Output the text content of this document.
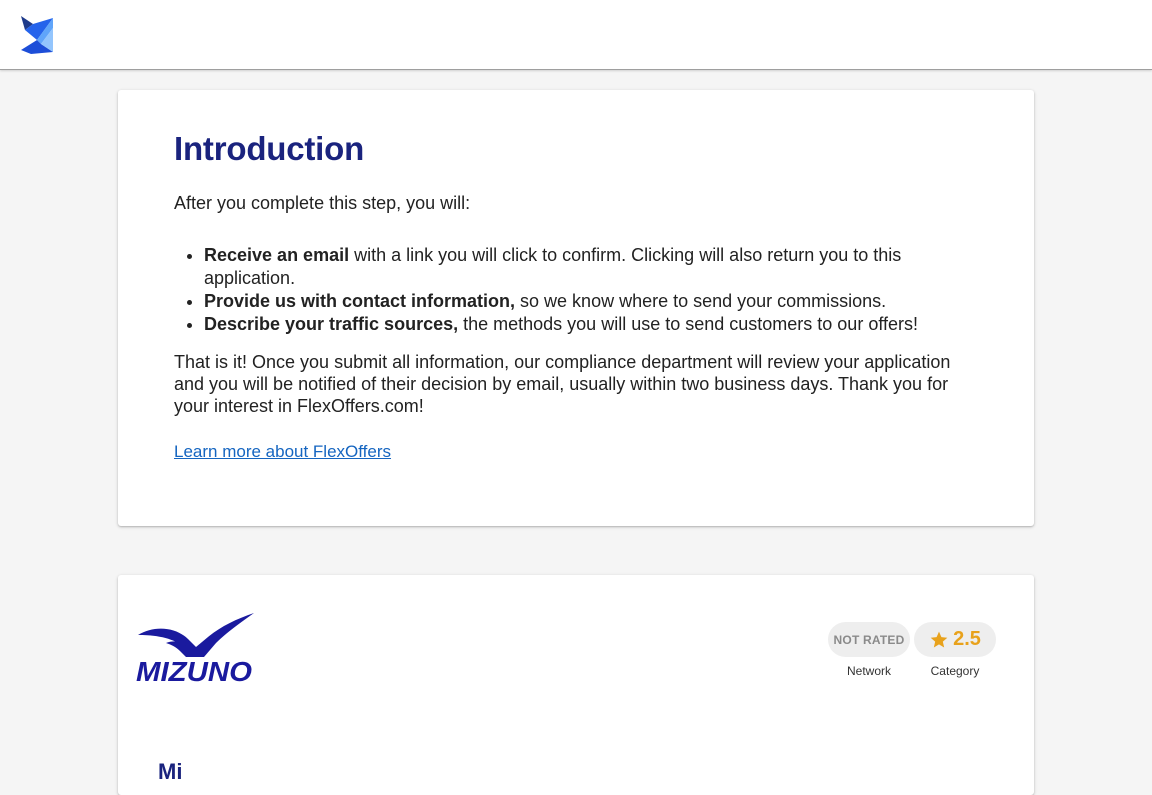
Introduction

After you complete this step, you will:

• Receive an email with a link you will click to confirm. Clicking will also return you to this application.
• Provide us with contact information, so we know where to send your commissions.
• Describe your traffic sources, the methods you will use to send customers to our offers!

That is it! Once you submit all information, our compliance department will review your application and you will be notified of their decision by email, usually within two business days. Thank you for your interest in FlexOffers.com!

Learn more about FlexOffers
MIZUNO
NOT RATED
Network
2.5
Category
Mi
